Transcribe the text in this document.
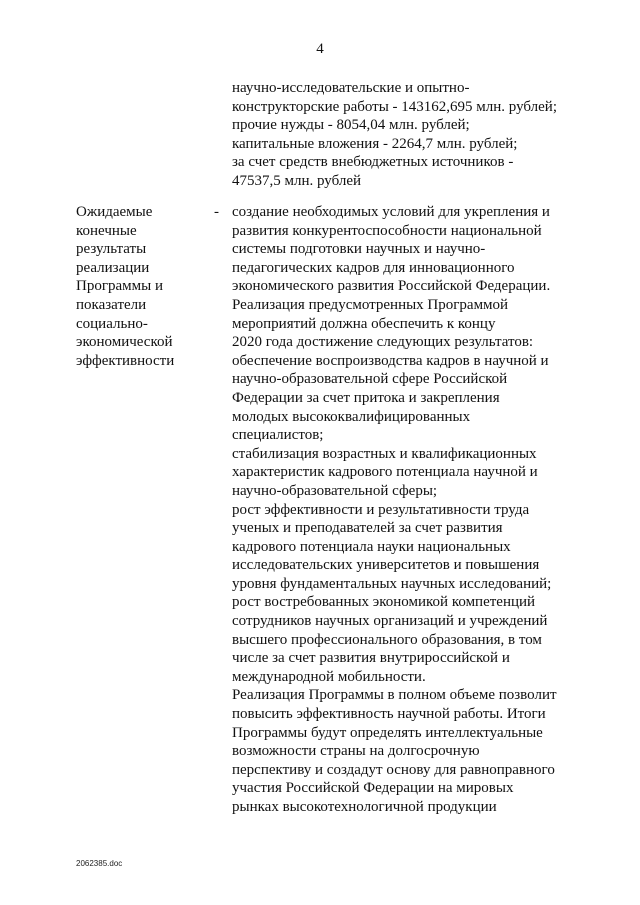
4
научно-исследовательские и опытно-
конструкторские работы - 143162,695 млн. рублей;
прочие нужды - 8054,04 млн. рублей;
капитальные вложения - 2264,7 млн. рублей;
за счет средств внебюджетных источников -
47537,5 млн. рублей
Ожидаемые
конечные
результаты
реализации
Программы и
показатели
социально-
экономической
эффективности
- создание необходимых условий для укрепления и
развития конкурентоспособности национальной
системы подготовки научных и научно-
педагогических кадров для инновационного
экономического развития Российской Федерации.
Реализация предусмотренных Программой
мероприятий должна обеспечить к концу
2020 года достижение следующих результатов:
обеспечение воспроизводства кадров в научной и
научно-образовательной сфере Российской
Федерации за счет притока и закрепления
молодых высококвалифицированных
специалистов;
стабилизация возрастных и квалификационных
характеристик кадрового потенциала научной и
научно-образовательной сферы;
рост эффективности и результативности труда
ученых и преподавателей за счет развития
кадрового потенциала науки национальных
исследовательских университетов и повышения
уровня фундаментальных научных исследований;
рост востребованных экономикой компетенций
сотрудников научных организаций и учреждений
высшего профессионального образования, в том
числе за счет развития внутрироссийской и
международной мобильности.
Реализация Программы в полном объеме позволит
повысить эффективность научной работы. Итоги
Программы будут определять интеллектуальные
возможности страны на долгосрочную
перспективу и создадут основу для равноправного
участия Российской Федерации на мировых
рынках высокотехнологичной продукции
2062385.doc
